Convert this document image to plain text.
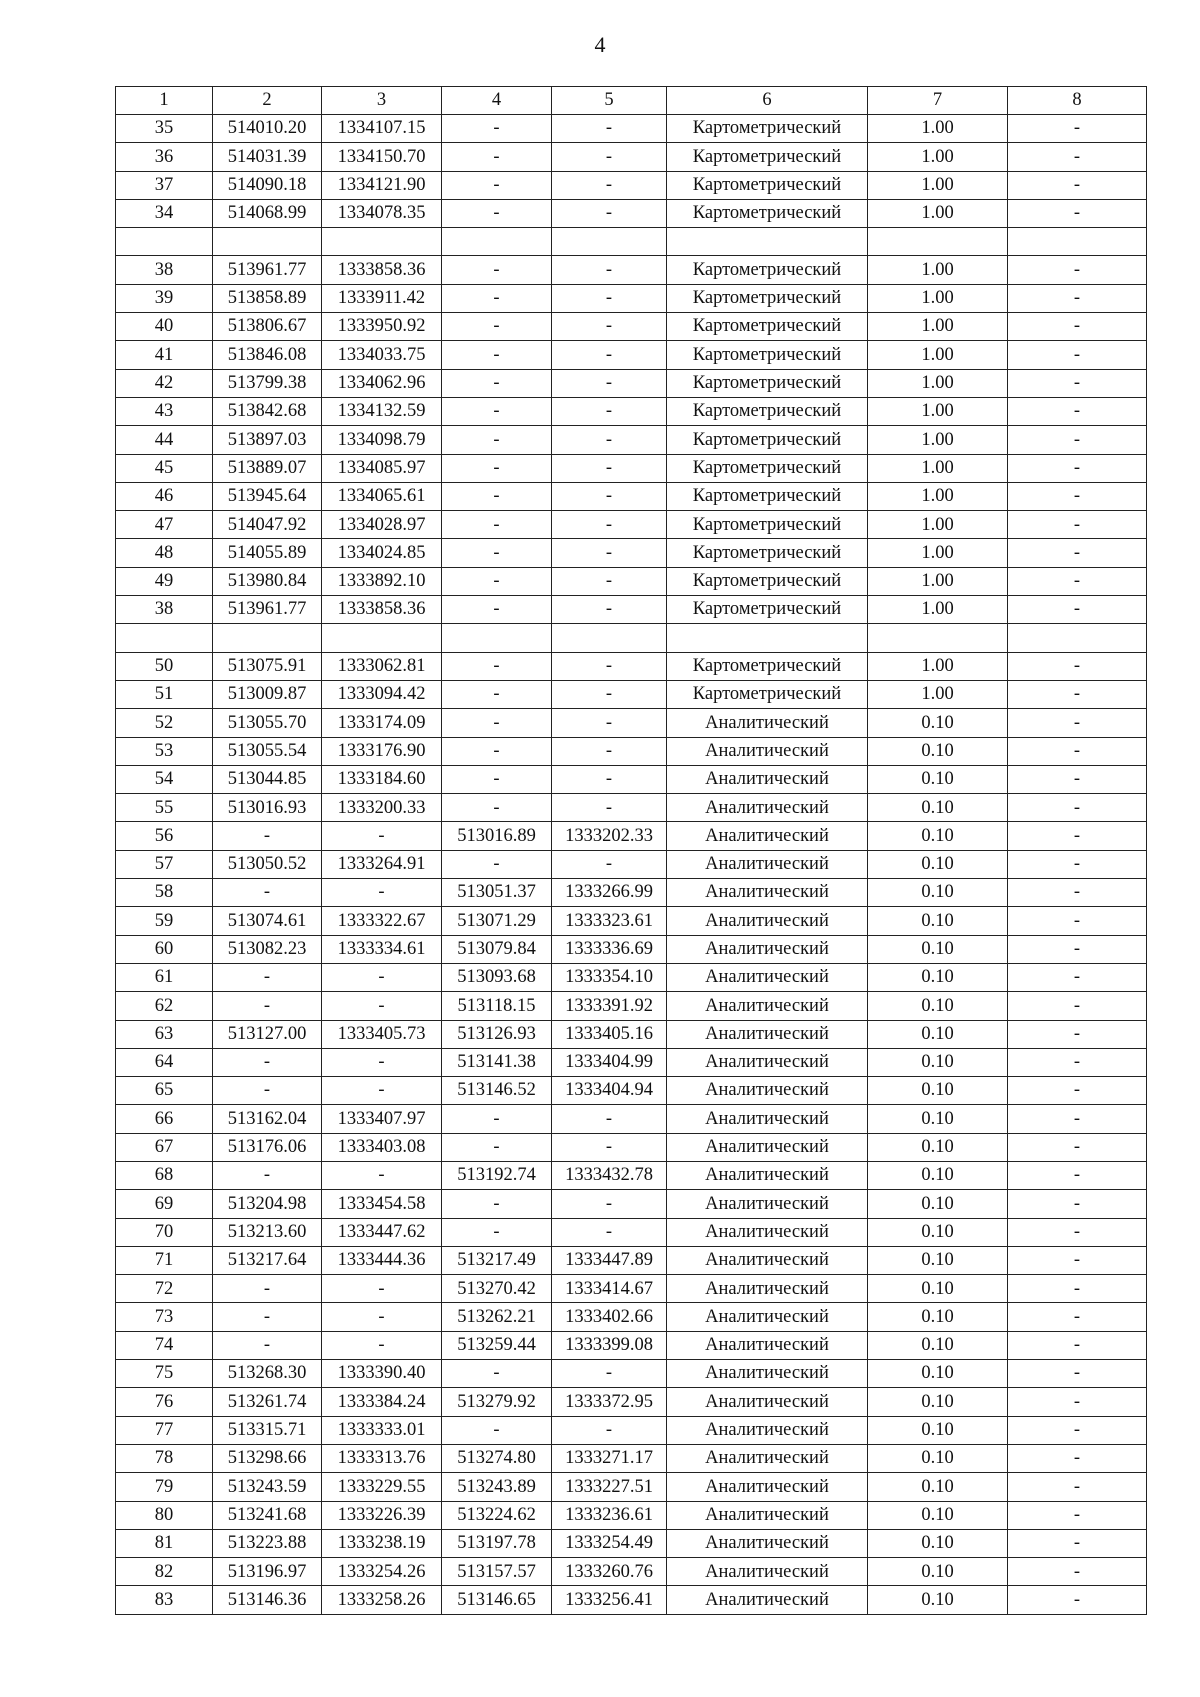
4
1	2	3	4	5	6	7	8
35	514010.20	1334107.15	-	-	Картометрический	1.00	-
36	514031.39	1334150.70	-	-	Картометрический	1.00	-
37	514090.18	1334121.90	-	-	Картометрический	1.00	-
34	514068.99	1334078.35	-	-	Картометрический	1.00	-

38	513961.77	1333858.36	-	-	Картометрический	1.00	-
39	513858.89	1333911.42	-	-	Картометрический	1.00	-
40	513806.67	1333950.92	-	-	Картометрический	1.00	-
41	513846.08	1334033.75	-	-	Картометрический	1.00	-
42	513799.38	1334062.96	-	-	Картометрический	1.00	-
43	513842.68	1334132.59	-	-	Картометрический	1.00	-
44	513897.03	1334098.79	-	-	Картометрический	1.00	-
45	513889.07	1334085.97	-	-	Картометрический	1.00	-
46	513945.64	1334065.61	-	-	Картометрический	1.00	-
47	514047.92	1334028.97	-	-	Картометрический	1.00	-
48	514055.89	1334024.85	-	-	Картометрический	1.00	-
49	513980.84	1333892.10	-	-	Картометрический	1.00	-
38	513961.77	1333858.36	-	-	Картометрический	1.00	-

50	513075.91	1333062.81	-	-	Картометрический	1.00	-
51	513009.87	1333094.42	-	-	Картометрический	1.00	-
52	513055.70	1333174.09	-	-	Аналитический	0.10	-
53	513055.54	1333176.90	-	-	Аналитический	0.10	-
54	513044.85	1333184.60	-	-	Аналитический	0.10	-
55	513016.93	1333200.33	-	-	Аналитический	0.10	-
56	-	-	513016.89	1333202.33	Аналитический	0.10	-
57	513050.52	1333264.91	-	-	Аналитический	0.10	-
58	-	-	513051.37	1333266.99	Аналитический	0.10	-
59	513074.61	1333322.67	513071.29	1333323.61	Аналитический	0.10	-
60	513082.23	1333334.61	513079.84	1333336.69	Аналитический	0.10	-
61	-	-	513093.68	1333354.10	Аналитический	0.10	-
62	-	-	513118.15	1333391.92	Аналитический	0.10	-
63	513127.00	1333405.73	513126.93	1333405.16	Аналитический	0.10	-
64	-	-	513141.38	1333404.99	Аналитический	0.10	-
65	-	-	513146.52	1333404.94	Аналитический	0.10	-
66	513162.04	1333407.97	-	-	Аналитический	0.10	-
67	513176.06	1333403.08	-	-	Аналитический	0.10	-
68	-	-	513192.74	1333432.78	Аналитический	0.10	-
69	513204.98	1333454.58	-	-	Аналитический	0.10	-
70	513213.60	1333447.62	-	-	Аналитический	0.10	-
71	513217.64	1333444.36	513217.49	1333447.89	Аналитический	0.10	-
72	-	-	513270.42	1333414.67	Аналитический	0.10	-
73	-	-	513262.21	1333402.66	Аналитический	0.10	-
74	-	-	513259.44	1333399.08	Аналитический	0.10	-
75	513268.30	1333390.40	-	-	Аналитический	0.10	-
76	513261.74	1333384.24	513279.92	1333372.95	Аналитический	0.10	-
77	513315.71	1333333.01	-	-	Аналитический	0.10	-
78	513298.66	1333313.76	513274.80	1333271.17	Аналитический	0.10	-
79	513243.59	1333229.55	513243.89	1333227.51	Аналитический	0.10	-
80	513241.68	1333226.39	513224.62	1333236.61	Аналитический	0.10	-
81	513223.88	1333238.19	513197.78	1333254.49	Аналитический	0.10	-
82	513196.97	1333254.26	513157.57	1333260.76	Аналитический	0.10	-
83	513146.36	1333258.26	513146.65	1333256.41	Аналитический	0.10	-
